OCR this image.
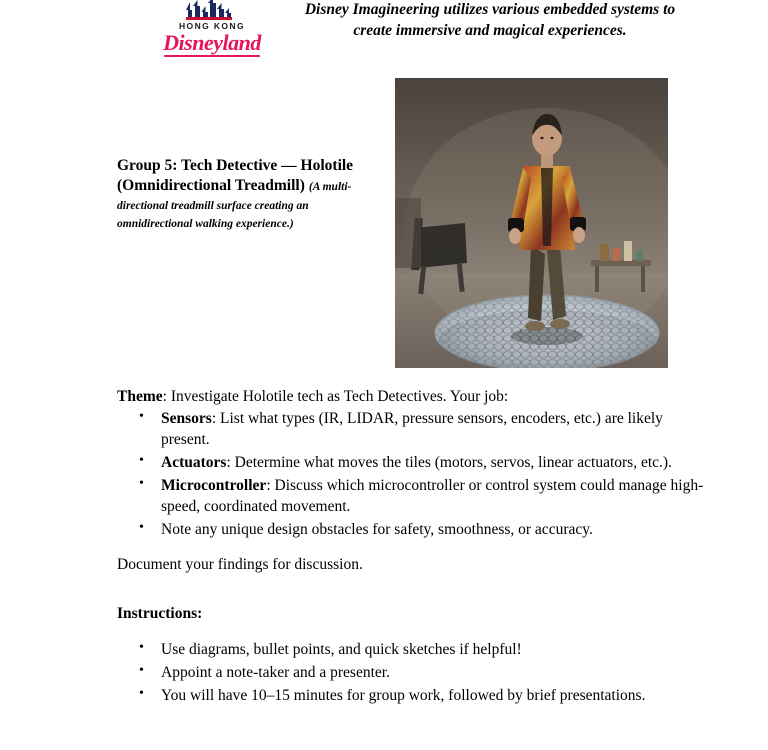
HONG KONG
Disneyland
Disney Imagineering utilizes various embedded systems to create immersive and magical experiences.
Group 5: Tech Detective — Holotile (Omnidirectional Treadmill) (A multi-directional treadmill surface creating an omnidirectional walking experience.)

Theme: Investigate Holotile tech as Tech Detectives. Your job:

• Sensors: List what types (IR, LIDAR, pressure sensors, encoders, etc.) are likely present.
• Actuators: Determine what moves the tiles (motors, servos, linear actuators, etc.).
• Microcontroller: Discuss which microcontroller or control system could manage high-speed, coordinated movement.
• Note any unique design obstacles for safety, smoothness, or accuracy.

Document your findings for discussion.

Instructions:

• Use diagrams, bullet points, and quick sketches if helpful!
• Appoint a note-taker and a presenter.
• You will have 10–15 minutes for group work, followed by brief presentations.
